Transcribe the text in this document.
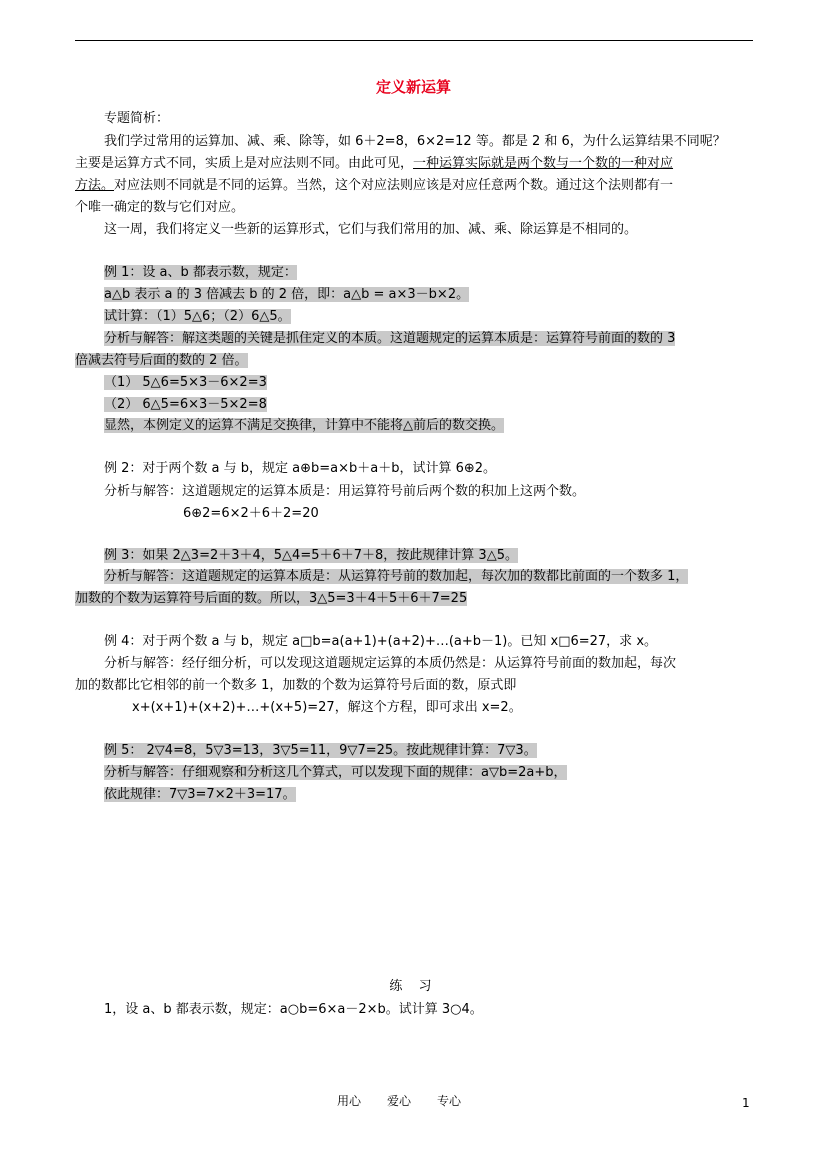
定义新运算
专题简析：
我们学过常用的运算加、减、乘、除等，如 6＋2=8，6×2=12 等。都是 2 和 6，为什么运算结果不同呢？
主要是运算方式不同，实质上是对应法则不同。由此可见，一种运算实际就是两个数与一个数的一种对应
方法。对应法则不同就是不同的运算。当然，这个对应法则应该是对应任意两个数。通过这个法则都有一
个唯一确定的数与它们对应。
这一周，我们将定义一些新的运算形式，它们与我们常用的加、减、乘、除运算是不相同的。
例 1：设 a、b 都表示数，规定：
a△b 表示 a 的 3 倍减去 b 的 2 倍，即：a△b = a×3－b×2。
试计算：（1）5△6；（2）6△5。
分析与解答：解这类题的关键是抓住定义的本质。这道题规定的运算本质是：运算符号前面的数的 3
倍减去符号后面的数的 2 倍。
（1） 5△6=5×3－6×2=3
（2） 6△5=6×3－5×2=8
显然，本例定义的运算不满足交换律，计算中不能将△前后的数交换。
例 2：对于两个数 a 与 b，规定 a⊕b=a×b＋a＋b，试计算 6⊕2。
分析与解答：这道题规定的运算本质是：用运算符号前后两个数的积加上这两个数。
6⊕2=6×2＋6＋2=20
例 3：如果 2△3=2＋3＋4，5△4=5＋6＋7＋8，按此规律计算 3△5。
分析与解答：这道题规定的运算本质是：从运算符号前的数加起，每次加的数都比前面的一个数多 1，
加数的个数为运算符号后面的数。所以，3△5=3＋4＋5＋6＋7=25
例 4：对于两个数 a 与 b，规定 a□b=a(a+1)+(a+2)+…(a+b－1)。已知 x□6=27，求 x。
分析与解答：经仔细分析，可以发现这道题规定运算的本质仍然是：从运算符号前面的数加起，每次
加的数都比它相邻的前一个数多 1，加数的个数为运算符号后面的数，原式即
x+(x+1)+(x+2)+…+(x+5)=27，解这个方程，即可求出 x=2。
例 5： 2▽4=8，5▽3=13，3▽5=11，9▽7=25。按此规律计算：7▽3。
分析与解答：仔细观察和分析这几个算式，可以发现下面的规律：a▽b=2a+b，
依此规律：7▽3=7×2＋3=17。
练 习
1，设 a、b 都表示数，规定：a○b=6×a－2×b。试计算 3○4。
用心 爱心 专心	1
